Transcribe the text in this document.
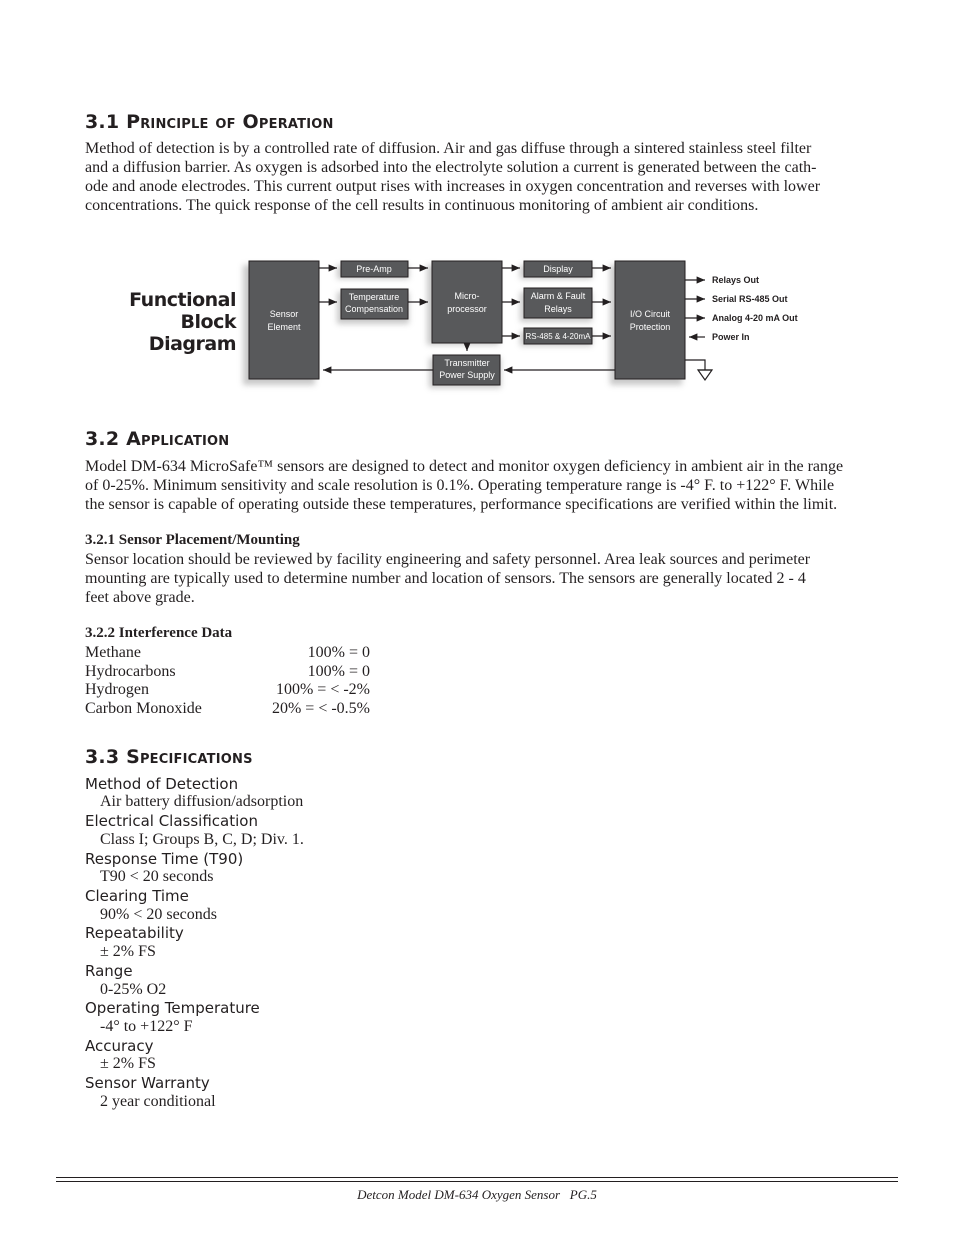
3.1 Principle of Operation
Method of detection is by a controlled rate of diffusion. Air and gas diffuse through a sintered stainless steel filter
and a diffusion barrier. As oxygen is adsorbed into the electrolyte solution a current is generated between the cath-
ode and anode electrodes. This current output rises with increases in oxygen concentration and reverses with lower
concentrations. The quick response of the cell results in continuous monitoring of ambient air conditions.
Functional
Block
Diagram
Sensor
Element
Pre-Amp
Temperature
Compensation
Micro-
processor
Display
Alarm & Fault
Relays
RS-485 & 4-20mA
Transmitter
Power Supply
I/O Circuit
Protection
Relays Out
Serial RS-485 Out
Analog 4-20 mA Out
Power In
3.2 Application
Model DM-634 MicroSafe™ sensors are designed to detect and monitor oxygen deficiency in ambient air in the range
of 0-25%. Minimum sensitivity and scale resolution is 0.1%. Operating temperature range is -4° F. to +122° F. While
the sensor is capable of operating outside these temperatures, performance specifications are verified within the limit.
3.2.1 Sensor Placement/Mounting
Sensor location should be reviewed by facility engineering and safety personnel. Area leak sources and perimeter
mounting are typically used to determine number and location of sensors. The sensors are generally located 2 - 4
feet above grade.
3.2.2 Interference Data
Methane	100% = 0
Hydrocarbons	100% = 0
Hydrogen	100% = < -2%
Carbon Monoxide	20% = < -0.5%
3.3 Specifications
Method of Detection
Air battery diffusion/adsorption
Electrical Classification
Class I; Groups B, C, D; Div. 1.
Response Time (T90)
T90 < 20 seconds
Clearing Time
90% < 20 seconds
Repeatability
± 2% FS
Range
0-25% O2
Operating Temperature
-4° to +122° F
Accuracy
± 2% FS
Sensor Warranty
2 year conditional
Detcon Model DM-634 Oxygen Sensor   PG.5
